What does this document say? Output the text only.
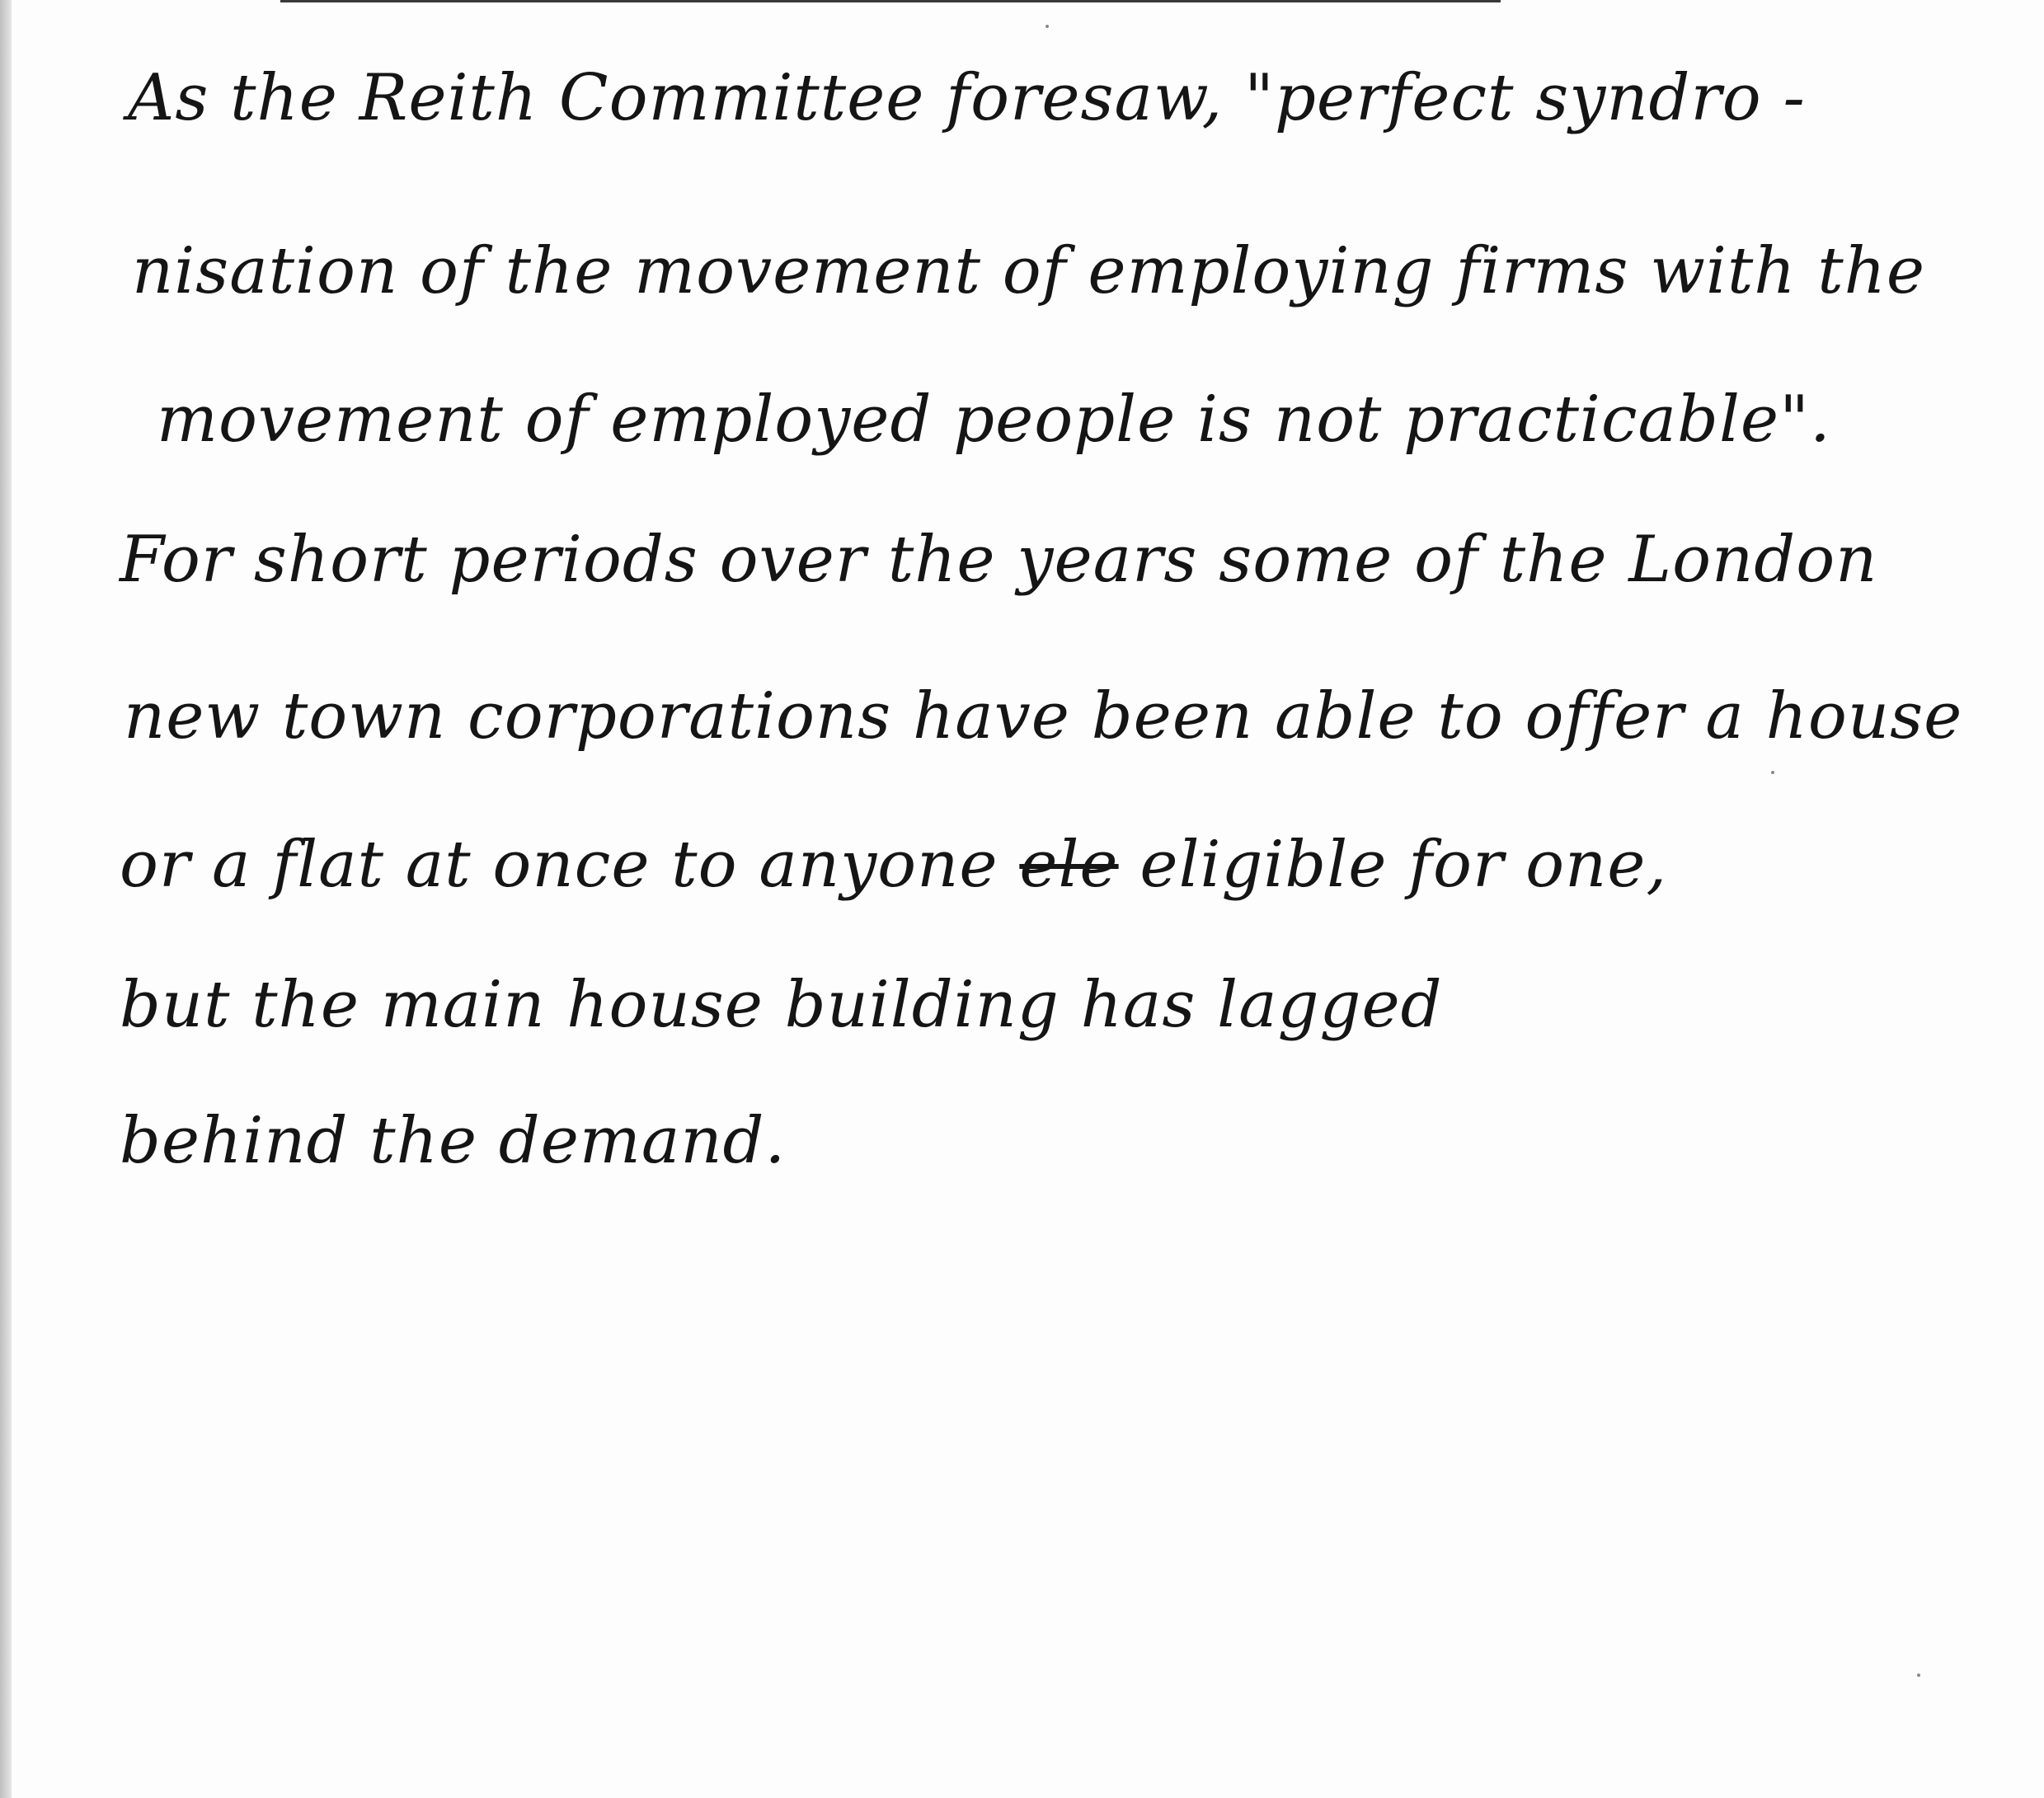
As the Reith Committee foresaw, "perfect syndro -
nisation of the movement of employing firms with the
movement of employed people is not practicable".
For short periods over the years some of the London
new town corporations have been able to offer a house
or a flat at once to anyone ele eligible for one,
but the main house building has lagged
behind the demand.
